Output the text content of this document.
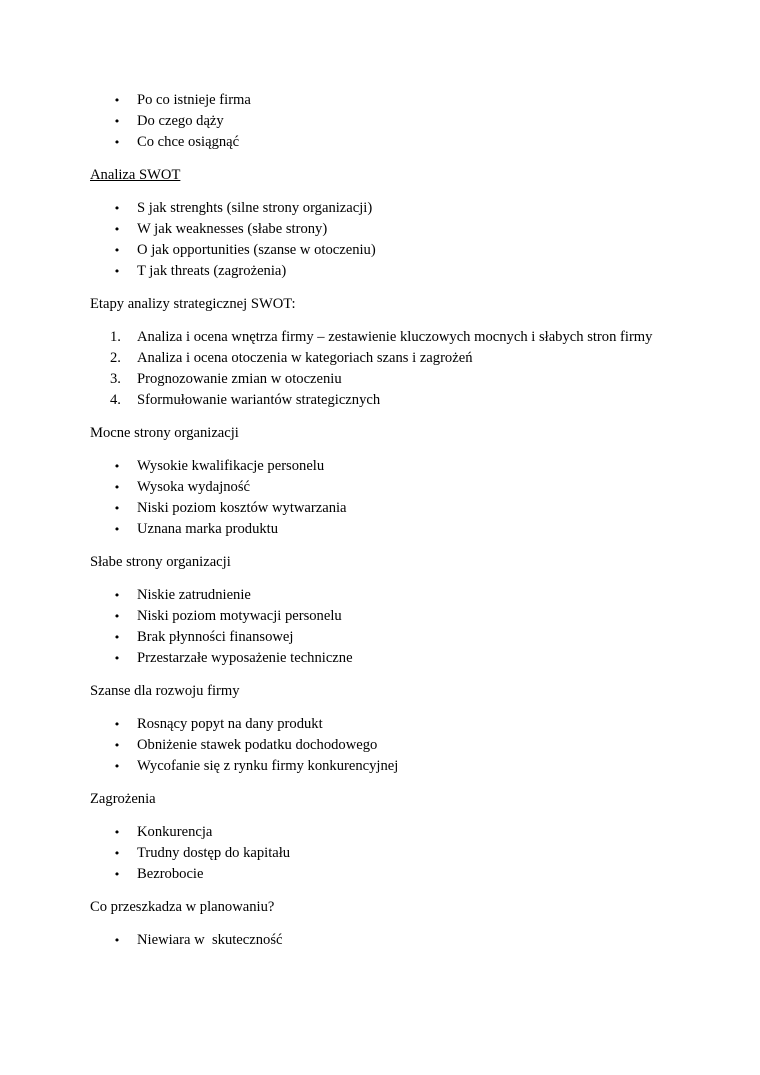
• Po co istnieje firma
• Do czego dąży
• Co chce osiągnąć

Analiza SWOT

• S jak strenghts (silne strony organizacji)
• W jak weaknesses (słabe strony)
• O jak opportunities (szanse w otoczeniu)
• T jak threats (zagrożenia)

Etapy analizy strategicznej SWOT:

1. Analiza i ocena wnętrza firmy – zestawienie kluczowych mocnych i słabych stron firmy
2. Analiza i ocena otoczenia w kategoriach szans i zagrożeń
3. Prognozowanie zmian w otoczeniu
4. Sformułowanie wariantów strategicznych

Mocne strony organizacji

• Wysokie kwalifikacje personelu
• Wysoka wydajność
• Niski poziom kosztów wytwarzania
• Uznana marka produktu

Słabe strony organizacji

• Niskie zatrudnienie
• Niski poziom motywacji personelu
• Brak płynności finansowej
• Przestarzałe wyposażenie techniczne

Szanse dla rozwoju firmy

• Rosnący popyt na dany produkt
• Obniżenie stawek podatku dochodowego
• Wycofanie się z rynku firmy konkurencyjnej

Zagrożenia

• Konkurencja
• Trudny dostęp do kapitału
• Bezrobocie

Co przeszkadza w planowaniu?

• Niewiara w  skuteczność
